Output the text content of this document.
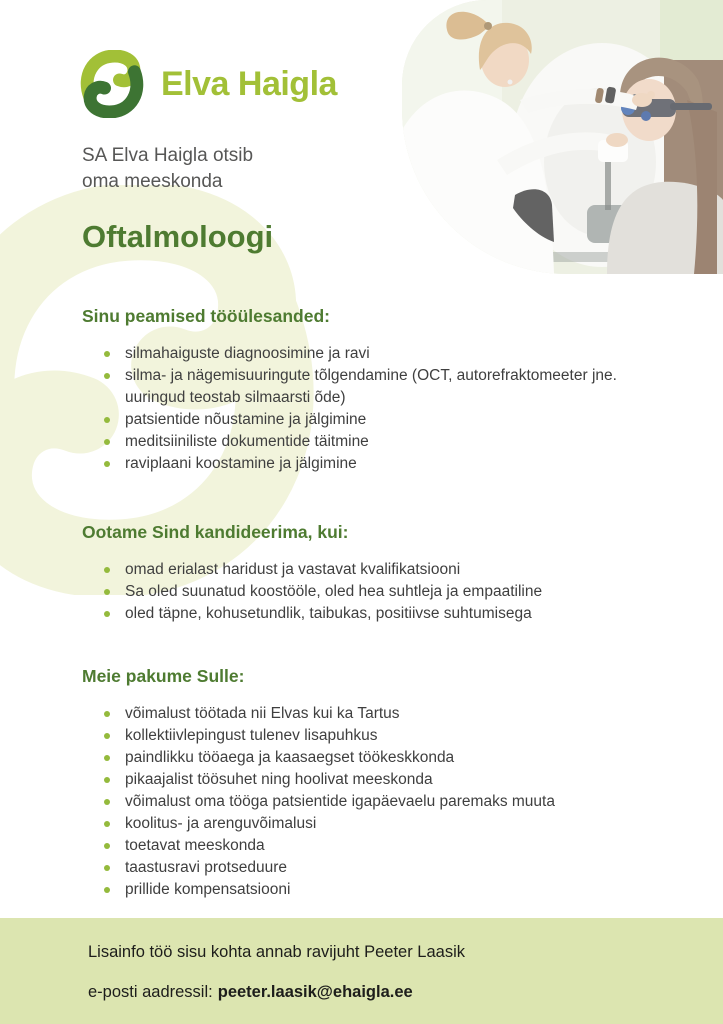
Elva Haigla

SA Elva Haigla otsib
oma meeskonda

Oftalmoloogi
Sinu peamised tööülesanded:
silmahaiguste diagnoosimine ja ravi
silma- ja nägemisuuringute tõlgendamine (OCT, autorefraktomeeter jne. uuringud teostab silmaarsti õde)
patsientide nõustamine ja jälgimine
meditsiiniliste dokumentide täitmine
raviplaani koostamine ja jälgimine
Ootame Sind kandideerima, kui:
omad erialast haridust ja vastavat kvalifikatsiooni
Sa oled suunatud koostööle, oled hea suhtleja ja empaatiline
oled täpne, kohusetundlik, taibukas, positiivse suhtumisega
Meie pakume Sulle:
võimalust töötada nii Elvas kui ka Tartus
kollektiivlepingust tulenev lisapuhkus
paindlikku tööaega ja kaasaegset töökeskkonda
pikaajalist töösuhet ning hoolivat meeskonda
võimalust oma tööga patsientide igapäevaelu paremaks muuta
koolitus- ja arenguvõimalusi
toetavat meeskonda
taastusravi protseduure
prillide kompensatsiooni

Lisainfo töö sisu kohta annab ravijuht Peeter Laasik

e-posti aadressil: peeter.laasik@ehaigla.ee
